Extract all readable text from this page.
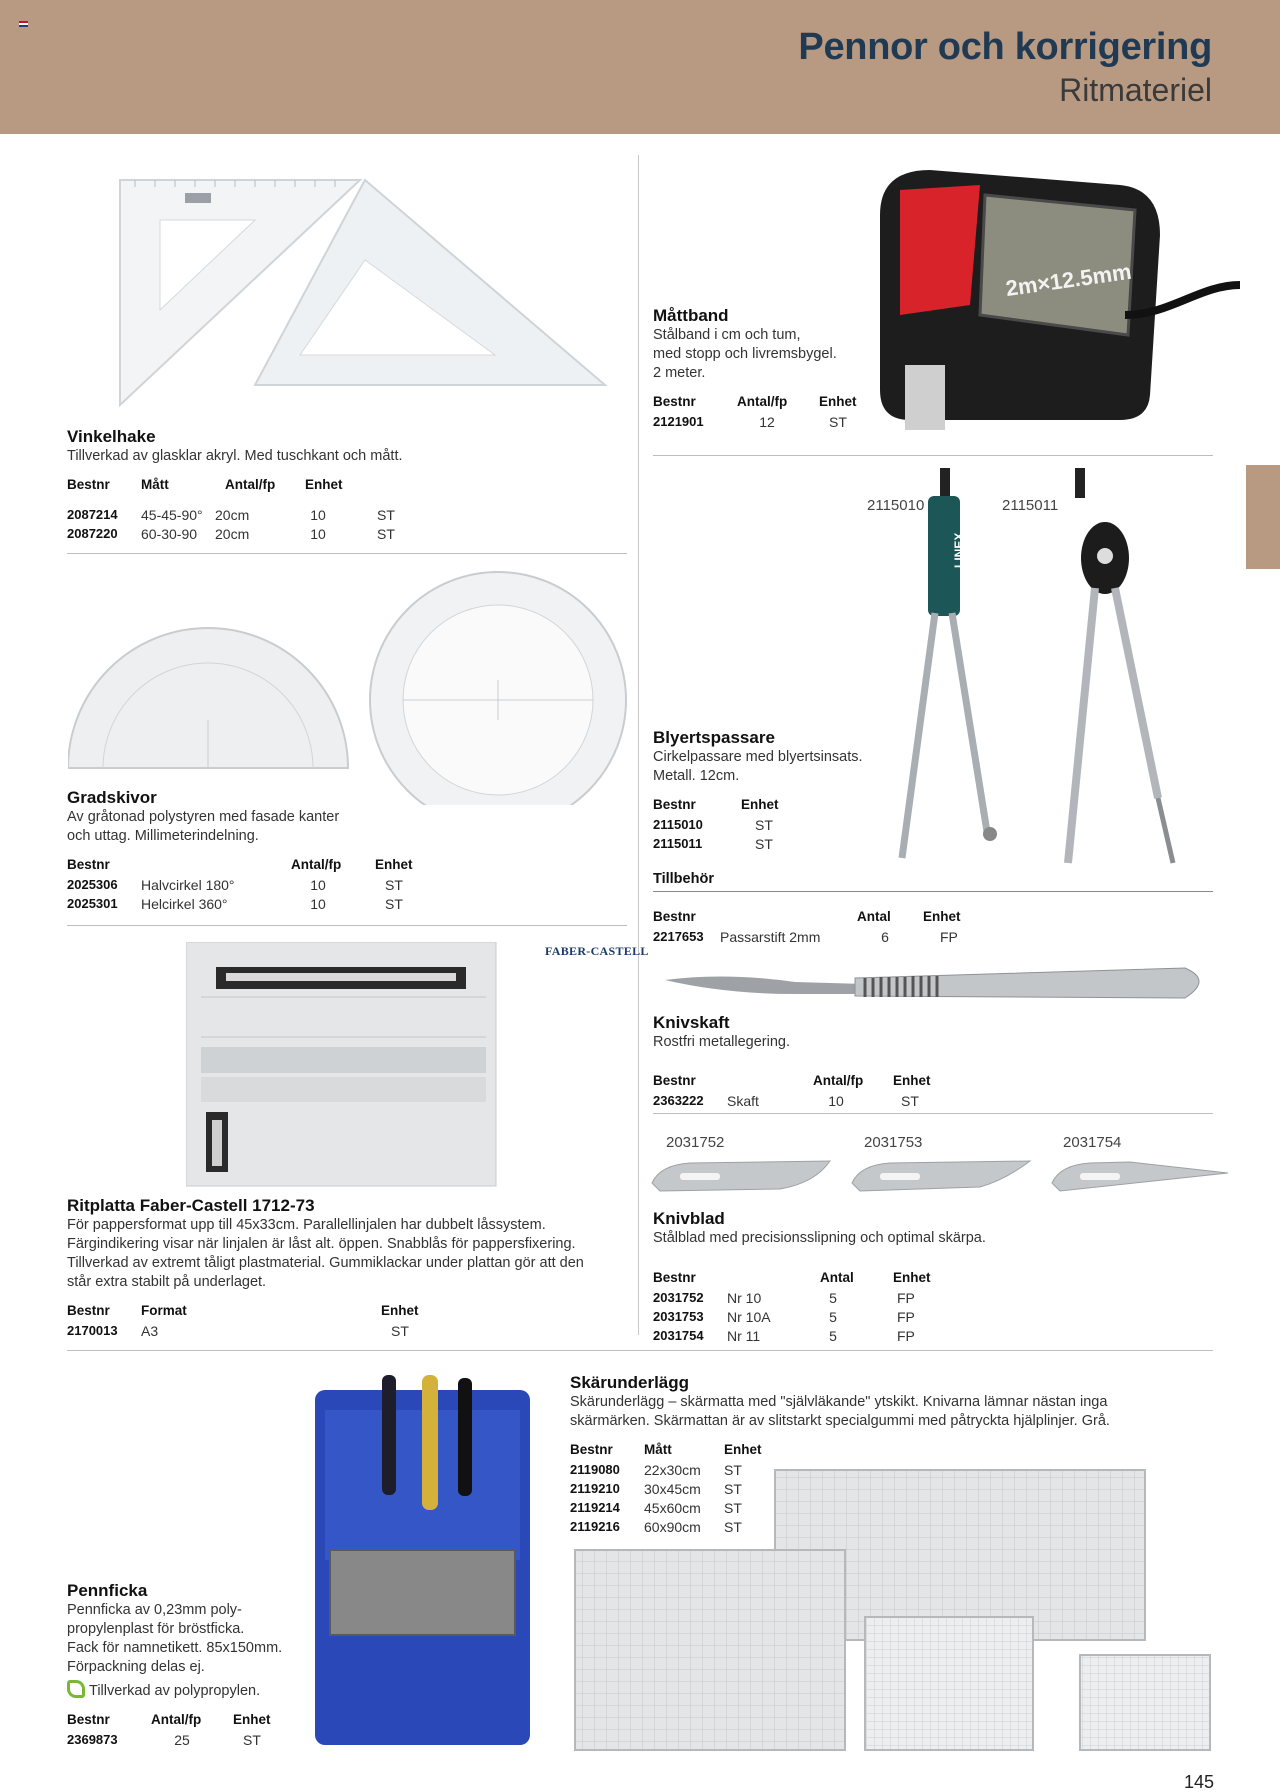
Pennor och korrigering
Ritmateriel
Vinkelhake
Tillverkad av glasklar akryl. Med tuschkant och mått.
Bestnr	Mått	Antal/fp	Enhet
2087214	45-45-90°	20cm	10	ST
2087220	60-30-90	20cm	10	ST
2m×12.5mm
Måttband
Stålband i cm och tum,
med stopp och livremsbygel.
2 meter.
Bestnr	Antal/fp	Enhet
2121901	12	ST
Gradskivor
Av gråtonad polystyren med fasade kanter
och uttag. Millimeterindelning.
Bestnr		Antal/fp	Enhet
2025306	Halvcirkel 180°	10	ST
2025301	Helcirkel 360°	10	ST
2115010	2115011
LINEX
Blyertspassare
Cirkelpassare med blyertsinsats.
Metall. 12cm.
Bestnr	Enhet
2115010	ST
2115011	ST
Tillbehör
Bestnr	Antal	Enhet
2217653	Passarstift 2mm	6	FP
FABER-CASTELL
Ritplatta Faber-Castell 1712-73
För pappersformat upp till 45x33cm. Parallellinjalen har dubbelt låssystem.
Färgindikering visar när linjalen är låst alt. öppen. Snabblås för pappersfixering.
Tillverkad av extremt tåligt plastmaterial. Gummiklackar under plattan gör att den
står extra stabilt på underlaget.
Bestnr	Format	Enhet
2170013	A3	ST
Knivskaft
Rostfri metallegering.
Bestnr	Antal/fp	Enhet
2363222	Skaft	10	ST
2031752	2031753	2031754
Knivblad
Stålblad med precisionsslipning och optimal skärpa.
Bestnr	Antal	Enhet
2031752	Nr 10	5	FP
2031753	Nr 10A	5	FP
2031754	Nr 11	5	FP
Pennficka
Pennficka av 0,23mm poly-
propylenplast för bröstficka.
Fack för namnetikett. 85x150mm.
Förpackning delas ej.
Tillverkad av polypropylen.
Bestnr	Antal/fp	Enhet
2369873	25	ST
Skärunderlägg
Skärunderlägg – skärmatta med "självläkande" ytskikt. Knivarna lämnar nästan inga
skärmärken. Skärmattan är av slitstarkt specialgummi med påtryckta hjälplinjer. Grå.
Bestnr	Mått	Enhet
2119080	22x30cm	ST
2119210	30x45cm	ST
2119214	45x60cm	ST
2119216	60x90cm	ST
145
